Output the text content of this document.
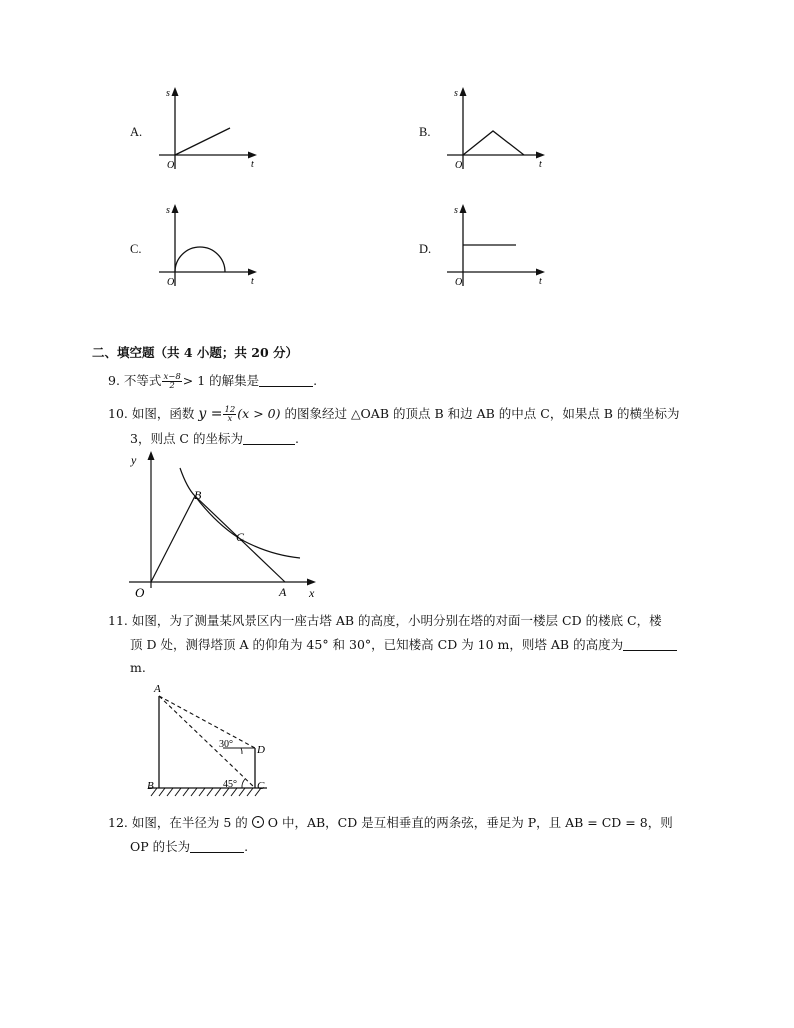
A.
s
O	t
B.
s
O	t
C.
s
O	t
D.
s
O	t
二、填空题（共 4 小题；共 20 分）
9. 不等式 $\frac{x-8}{2} > 1$ 的解集是	.
10. 如图，函数 $y = \frac{12}{x} (x > 0)$ 的图象经过 △OAB 的顶点 B 和边 AB 的中点 C，如果点 B 的横坐标为
3，则点 C 的坐标为	.
y
x
O	A
B
C
11. 如图，为了测量某风景区内一座古塔 AB 的高度，小明分别在塔的对面一楼层 CD 的楼底 C，楼
顶 D 处，测得塔顶 A 的仰角为 45° 和 30°，已知楼高 CD 为 10 m，则塔 AB 的高度为
m.
A
B	C
D
30°
45°
12. 如图，在半径为 5 的 O 中，AB，CD 是互相垂直的两条弦，垂足为 P，且 AB = CD = 8，则
OP 的长为	.
